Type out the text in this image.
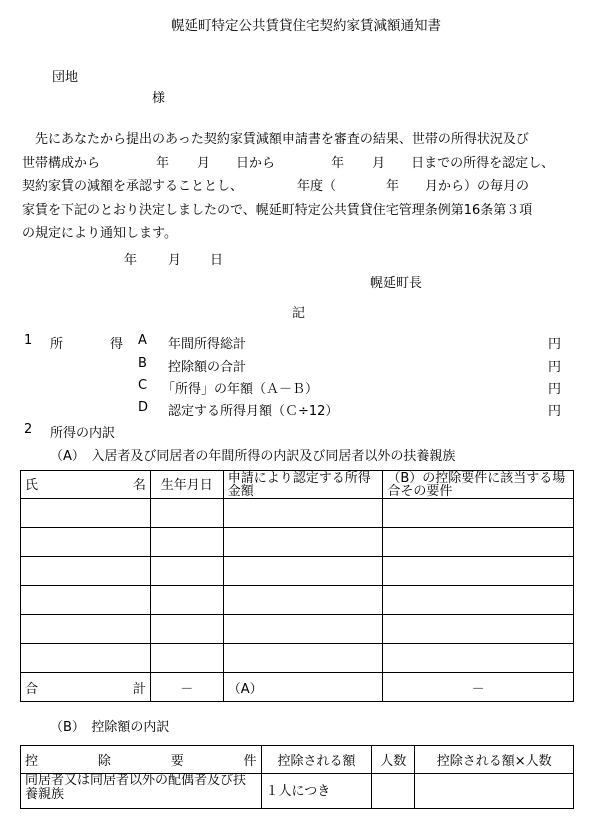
幌延町特定公共賃貸住宅契約家賃減額通知書
団地
様
先にあなたから提出のあった契約家賃減額申請書を審査の結果、世帯の所得状況及び
世帯構成から	年 月 日から	年 月 日までの所得を認定し、
契約家賃の減額を承認することとし、	年度（	年 月から）の毎月の
家賃を下記のとおり決定しましたので、幌延町特定公共賃貸住宅管理条例第16条第３項
の規定により通知します。
年 月 日
幌延町長
記
1 所	得 A 年間所得総計	円
B 控除額の合計	円
C 「所得」の年額（Ａ－Ｂ）	円
D 認定する所得月額（Ｃ÷12）	円
2 所得の内訳
（A）　入居者及び同居者の年間所得の内訳及び同居者以外の扶養親族
氏　　　　名	生年月日	申請により認定する所得金額	（B）の控除要件に該当する場合その要件

合　　　　計	－	（A）	－
（B）　控除額の内訳
控　　除　　要　　件	控除される額	人数	控除される額×人数
同居者又は同居者以外の配偶者及び扶養親族	１人につき		
